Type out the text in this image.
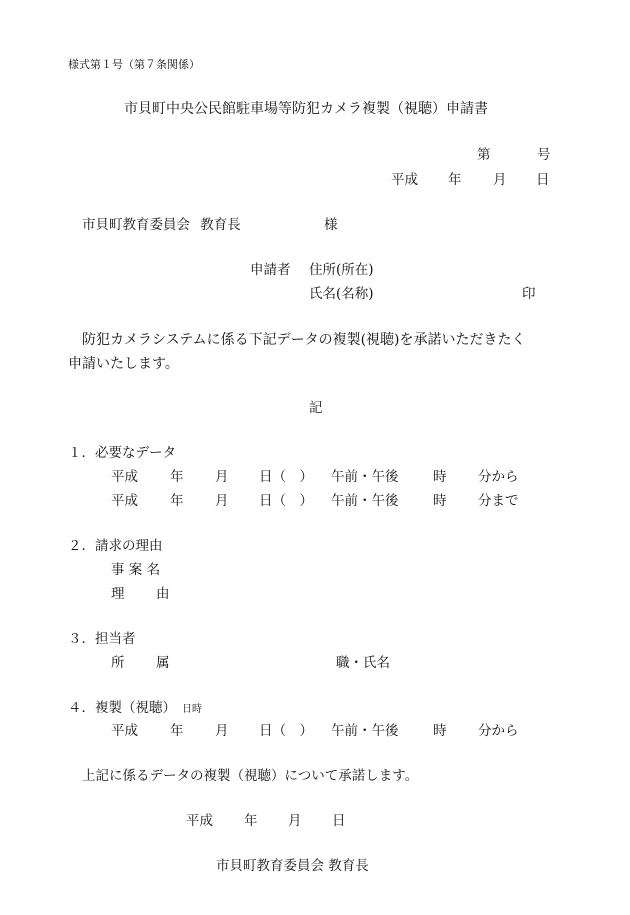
様式第１号（第７条関係）
市貝町中央公民館駐車場等防犯カメラ複製（視聴）申請書
第	号
平成 年 月 日
市貝町教育委員会 教育長	様
申請者 住所(所在)
氏名(名称)	印
防犯カメラシステムに係る下記データの複製(視聴)を承諾いただきたく
申請いたします。
記
１．必要なデータ
平成 年 月 日（　） 午前・午後	時 分から
平成 年 月 日（　） 午前・午後	時 分まで
２．請求の理由
事 案 名
理 由
３．担当者
所 属	職・氏名
４．複製（視聴） 日時
平成 年 月 日（　） 午前・午後	時 分から
上記に係るデータの複製（視聴）について承諾します。
平成 年 月 日
市貝町教育委員会 教育長
